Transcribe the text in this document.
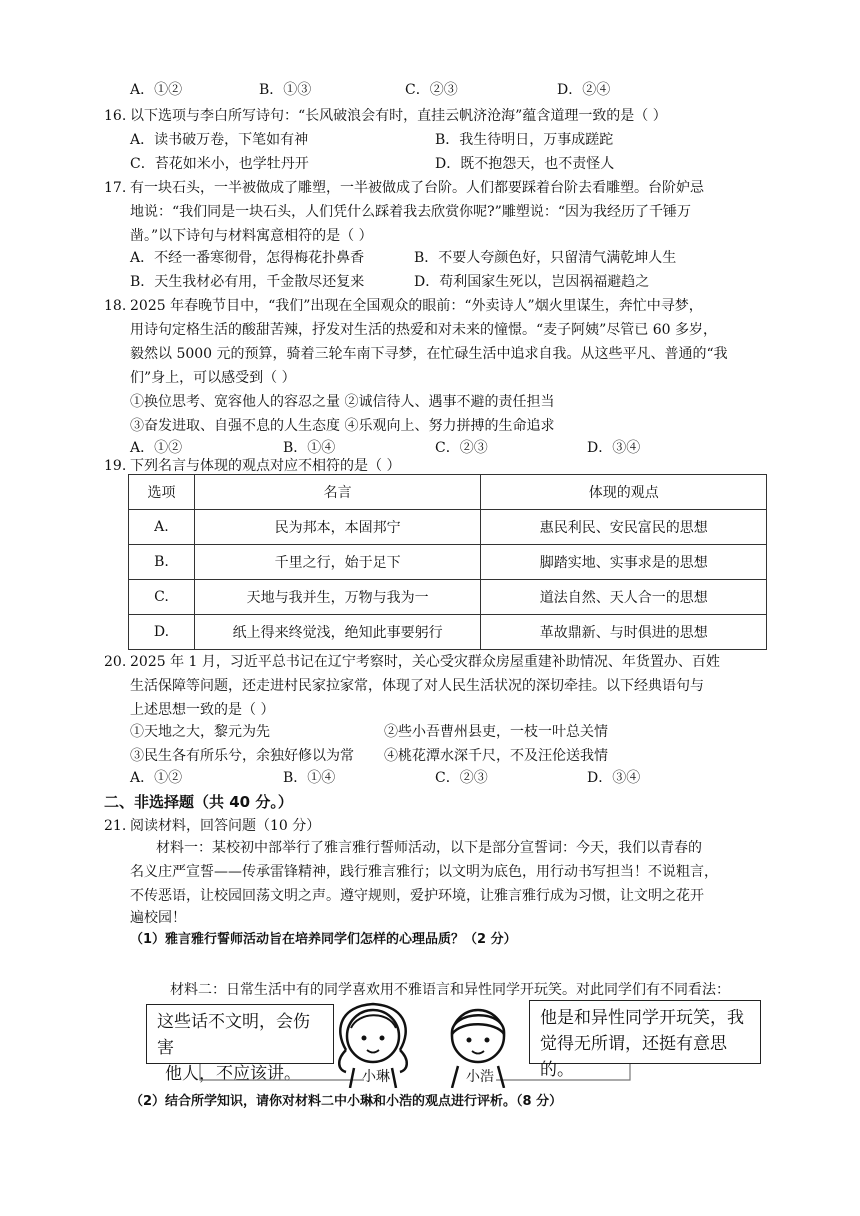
A．①②	B．①③	C．②③	D．②④
16. 以下选项与李白所写诗句：“长风破浪会有时，直挂云帆济沧海”蕴含道理一致的是（ ）
A．读书破万卷，下笔如有神	B．我生待明日，万事成蹉跎
C．苔花如米小，也学牡丹开	D．既不抱怨天，也不责怪人
17. 有一块石头，一半被做成了雕塑，一半被做成了台阶。人们都要踩着台阶去看雕塑。台阶妒忌
地说：“我们同是一块石头，人们凭什么踩着我去欣赏你呢?”雕塑说：“因为我经历了千锤万
凿。”以下诗句与材料寓意相符的是（ ）
A．不经一番寒彻骨，怎得梅花扑鼻香	B．不要人夸颜色好，只留清气满乾坤人生
B．天生我材必有用，千金散尽还复来	D．苟利国家生死以，岂因祸福避趋之
18. 2025 年春晚节目中，“我们”出现在全国观众的眼前：“外卖诗人”烟火里谋生，奔忙中寻梦，
用诗句定格生活的酸甜苦辣，抒发对生活的热爱和对未来的憧憬。“麦子阿姨”尽管已 60 多岁，
毅然以 5000 元的预算，骑着三轮车南下寻梦，在忙碌生活中追求自我。从这些平凡、普通的“我
们”身上，可以感受到（ ）
①换位思考、宽容他人的容忍之量 ②诚信待人、遇事不避的责任担当
③奋发进取、自强不息的人生态度 ④乐观向上、努力拼搏的生命追求
A．①②	B．①④	C．②③	D．③④
19. 下列名言与体现的观点对应不相符的是（ ）
选项	名言	体现的观点
A.	民为邦本，本固邦宁	惠民利民、安民富民的思想
B.	千里之行，始于足下	脚踏实地、实事求是的思想
C.	天地与我并生，万物与我为一	道法自然、天人合一的思想
D.	纸上得来终觉浅，绝知此事要躬行	革故鼎新、与时俱进的思想
20. 2025 年 1 月，习近平总书记在辽宁考察时，关心受灾群众房屋重建补助情况、年货置办、百姓
生活保障等问题，还走进村民家拉家常，体现了对人民生活状况的深切牵挂。以下经典语句与
上述思想一致的是（ ）
①天地之大，黎元为先	②些小吾曹州县吏，一枝一叶总关情
③民生各有所乐兮，余独好修以为常 ④桃花潭水深千尺，不及汪伦送我情
A．①②	B．①④	C．②③	D．③④
二、非选择题（共 40 分。）
21. 阅读材料，回答问题（10 分）
材料一：某校初中部举行了雅言雅行誓师活动，以下是部分宣誓词：今天，我们以青春的
名义庄严宣誓——传承雷锋精神，践行雅言雅行；以文明为底色，用行动书写担当！不说粗言，
不传恶语，让校园回荡文明之声。遵守规则，爱护环境，让雅言雅行成为习惯，让文明之花开
遍校园！
（1）雅言雅行誓师活动旨在培养同学们怎样的心理品质？（2 分）
材料二：日常生活中有的同学喜欢用不雅语言和异性同学开玩笑。对此同学们有不同看法：
这些话不文明，会伤害
他人，不应该讲。
他是和异性同学开玩笑，我
觉得无所谓，还挺有意思的。
小琳	小浩
（2）结合所学知识，请你对材料二中小琳和小浩的观点进行评析。（8 分）
